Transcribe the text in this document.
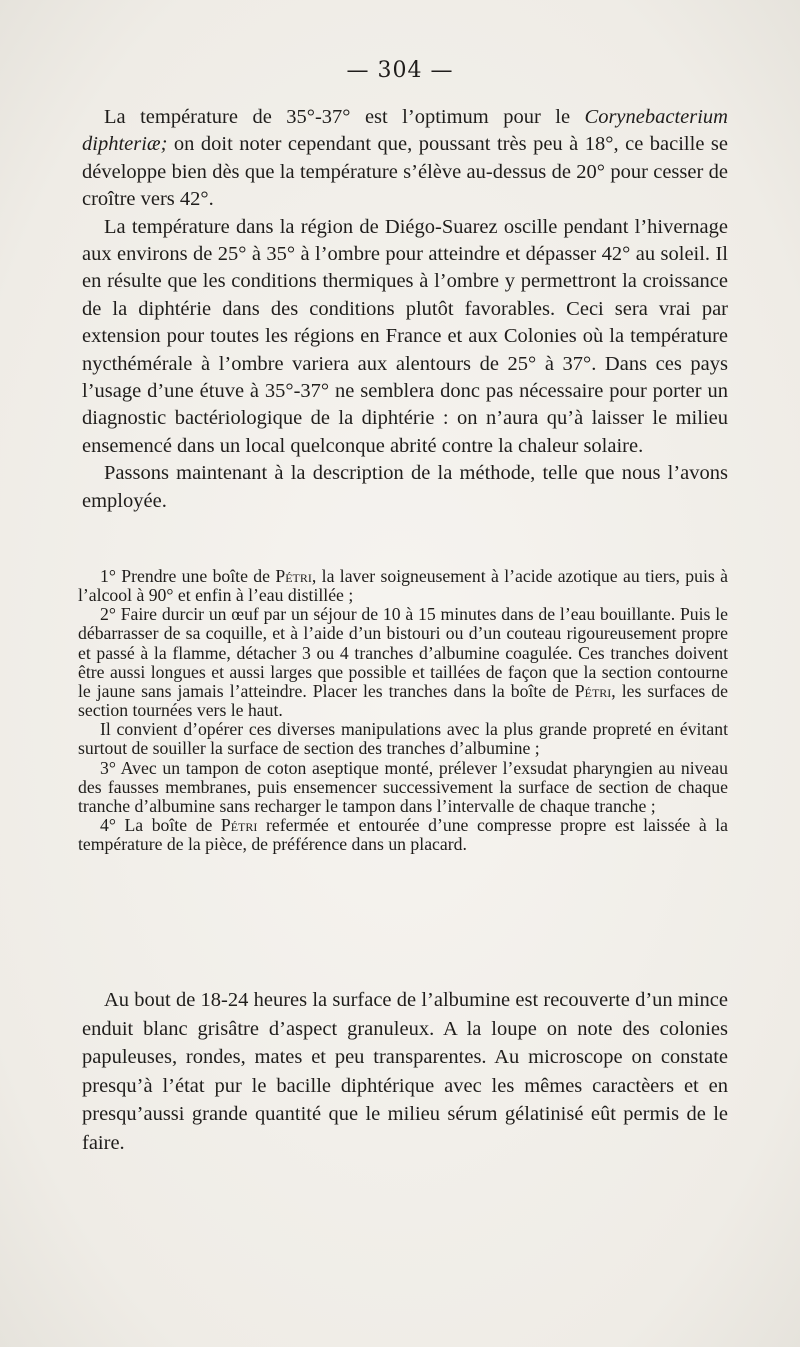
— 304 —

La température de 35°-37° est l’optimum pour le Corynebacterium diphteriæ; on doit noter cependant que, poussant très peu à 18°, ce bacille se développe bien dès que la température s’élève au-dessus de 20° pour cesser de croître vers 42°.

La température dans la région de Diégo-Suarez oscille pendant l’hivernage aux environs de 25° à 35° à l’ombre pour atteindre et dépasser 42° au soleil. Il en résulte que les conditions thermiques à l’ombre y permettront la croissance de la diphtérie dans des conditions plutôt favorables. Ceci sera vrai par extension pour toutes les régions en France et aux Colonies où la température nycthémérale à l’ombre variera aux alentours de 25° à 37°. Dans ces pays l’usage d’une étuve à 35°-37° ne semblera donc pas nécessaire pour porter un diagnostic bactériologique de la diphtérie : on n’aura qu’à laisser le milieu ensemencé dans un local quelconque abrité contre la chaleur solaire.

Passons maintenant à la description de la méthode, telle que nous l’avons employée.

1° Prendre une boîte de Pétri, la laver soigneusement à l’acide azotique au tiers, puis à l’alcool à 90° et enfin à l’eau distillée ;

2° Faire durcir un œuf par un séjour de 10 à 15 minutes dans de l’eau bouillante. Puis le débarrasser de sa coquille, et à l’aide d’un bistouri ou d’un couteau rigoureusement propre et passé à la flamme, détacher 3 ou 4 tranches d’albumine coagulée. Ces tranches doivent être aussi longues et aussi larges que possible et taillées de façon que la section contourne le jaune sans jamais l’atteindre. Placer les tranches dans la boîte de Pétri, les surfaces de section tournées vers le haut.

Il convient d’opérer ces diverses manipulations avec la plus grande propreté en évitant surtout de souiller la surface de section des tranches d’albumine ;

3° Avec un tampon de coton aseptique monté, prélever l’exsudat pharyngien au niveau des fausses membranes, puis ensemencer successivement la surface de section de chaque tranche d’albumine sans recharger le tampon dans l’intervalle de chaque tranche ;

4° La boîte de Pétri refermée et entourée d’une compresse propre est laissée à la température de la pièce, de préférence dans un placard.

Au bout de 18-24 heures la surface de l’albumine est recouverte d’un mince enduit blanc grisâtre d’aspect granuleux. A la loupe on note des colonies papuleuses, rondes, mates et peu transparentes. Au microscope on constate presqu’à l’état pur le bacille diphtérique avec les mêmes caractèers et en presqu’aussi grande quantité que le milieu sérum gélatinisé eût permis de le faire.
